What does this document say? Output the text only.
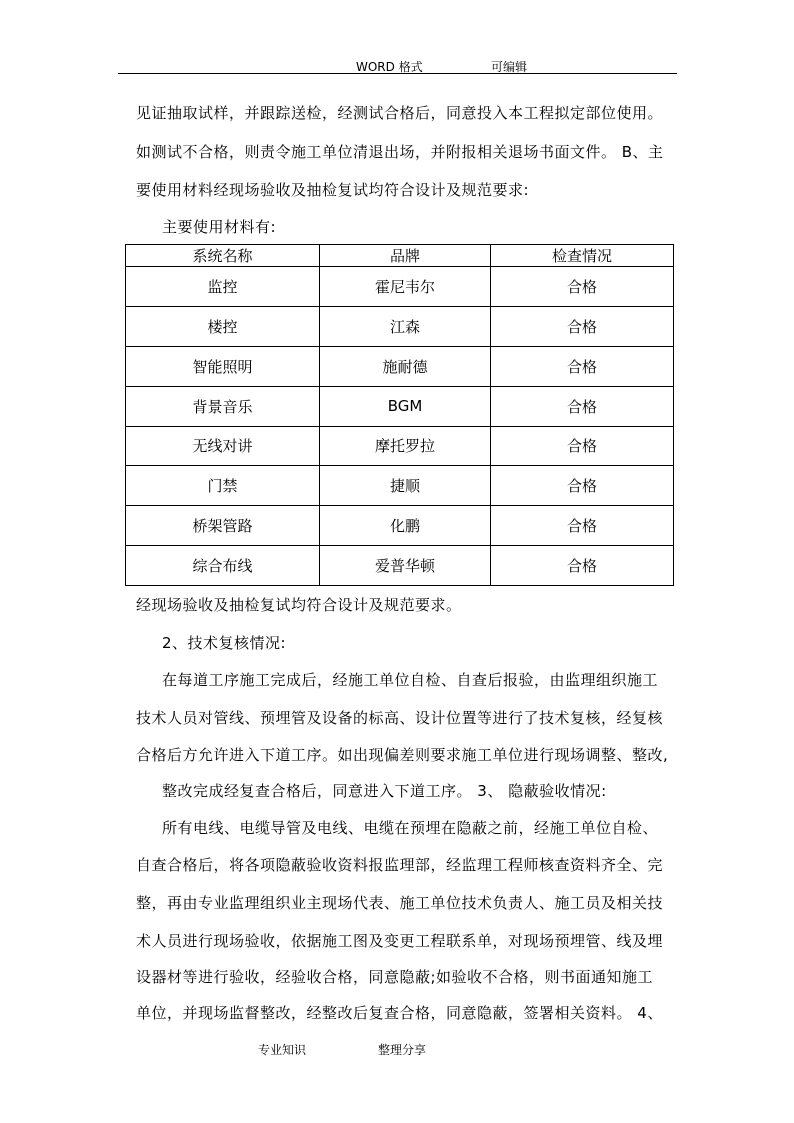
WORD 格式	可编辑
见证抽取试样，并跟踪送检，经测试合格后，同意投入本工程拟定部位使用。
如测试不合格，则责令施工单位清退出场，并附报相关退场书面文件。 B、主
要使用材料经现场验收及抽检复试均符合设计及规范要求:
主要使用材料有:
系统名称	品牌	检查情况
监控	霍尼韦尔	合格
楼控	江森	合格
智能照明	施耐德	合格
背景音乐	BGM	合格
无线对讲	摩托罗拉	合格
门禁	捷顺	合格
桥架管路	化鹏	合格
综合布线	爱普华顿	合格
经现场验收及抽检复试均符合设计及规范要求。
2、技术复核情况:
在每道工序施工完成后，经施工单位自检、自查后报验，由监理组织施工
技术人员对管线、预埋管及设备的标高、设计位置等进行了技术复核，经复核
合格后方允许进入下道工序。如出现偏差则要求施工单位进行现场调整、整改,
整改完成经复查合格后，同意进入下道工序。 3、 隐蔽验收情况:
所有电线、电缆导管及电线、电缆在预埋在隐蔽之前，经施工单位自检、
自查合格后，将各项隐蔽验收资料报监理部，经监理工程师核查资料齐全、完
整，再由专业监理组织业主现场代表、施工单位技术负责人、施工员及相关技
术人员进行现场验收，依据施工图及变更工程联系单，对现场预埋管、线及埋
设器材等进行验收，经验收合格，同意隐蔽;如验收不合格，则书面通知施工
单位，并现场监督整改，经整改后复查合格，同意隐蔽，签署相关资料。 4、
专业知识	整理分享
